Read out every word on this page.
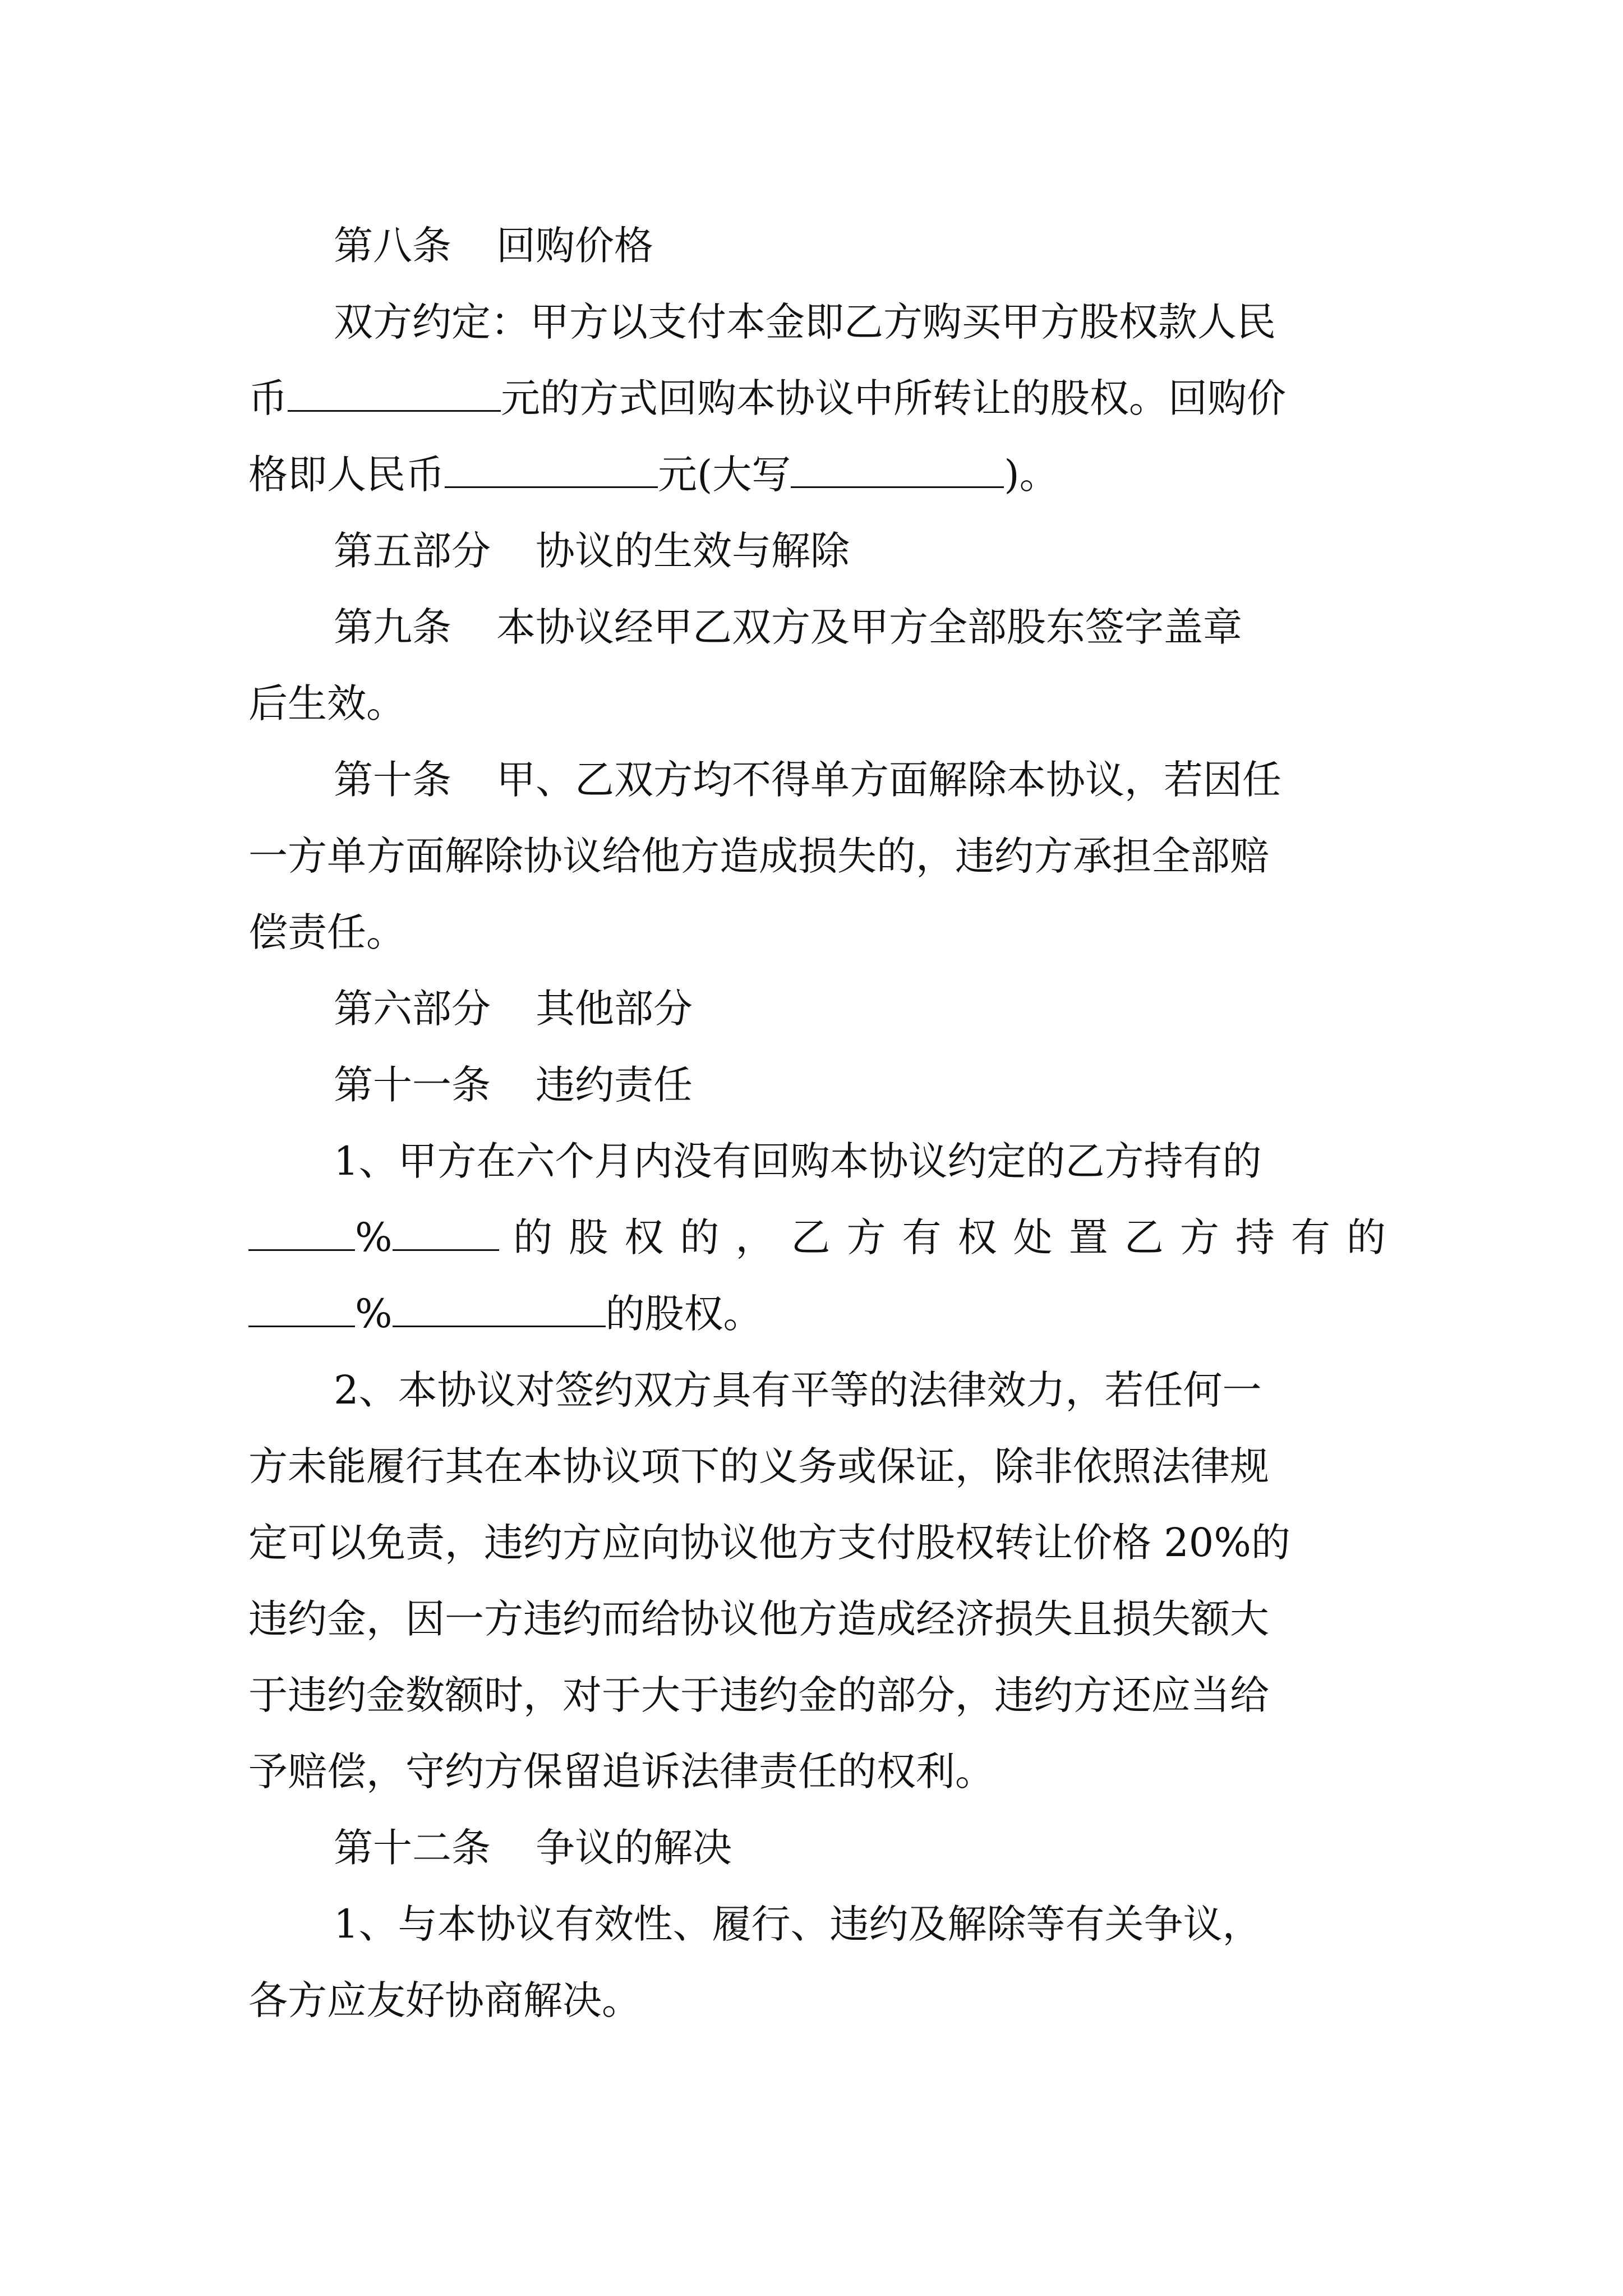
第八条 回购价格
双方约定：甲方以支付本金即乙方购买甲方股权款人民
币	元的方式回购本协议中所转让的股权。回购价
格即人民币	元(大写	)。
第五部分 协议的生效与解除
第九条 本协议经甲乙双方及甲方全部股东签字盖章
后生效。
第十条 甲、乙双方均不得单方面解除本协议，若因任
一方单方面解除协议给他方造成损失的，违约方承担全部赔
偿责任。
第六部分 其他部分
第十一条 违约责任
1、甲方在六个月内没有回购本协议约定的乙方持有的
%	的 股 权 的 ， 乙 方 有 权 处 置 乙 方 持 有 的
%	的股权。
2、本协议对签约双方具有平等的法律效力，若任何一
方未能履行其在本协议项下的义务或保证，除非依照法律规
定可以免责，违约方应向协议他方支付股权转让价格 20%的
违约金，因一方违约而给协议他方造成经济损失且损失额大
于违约金数额时，对于大于违约金的部分，违约方还应当给
予赔偿，守约方保留追诉法律责任的权利。
第十二条 争议的解决
1、与本协议有效性、履行、违约及解除等有关争议，
各方应友好协商解决。
